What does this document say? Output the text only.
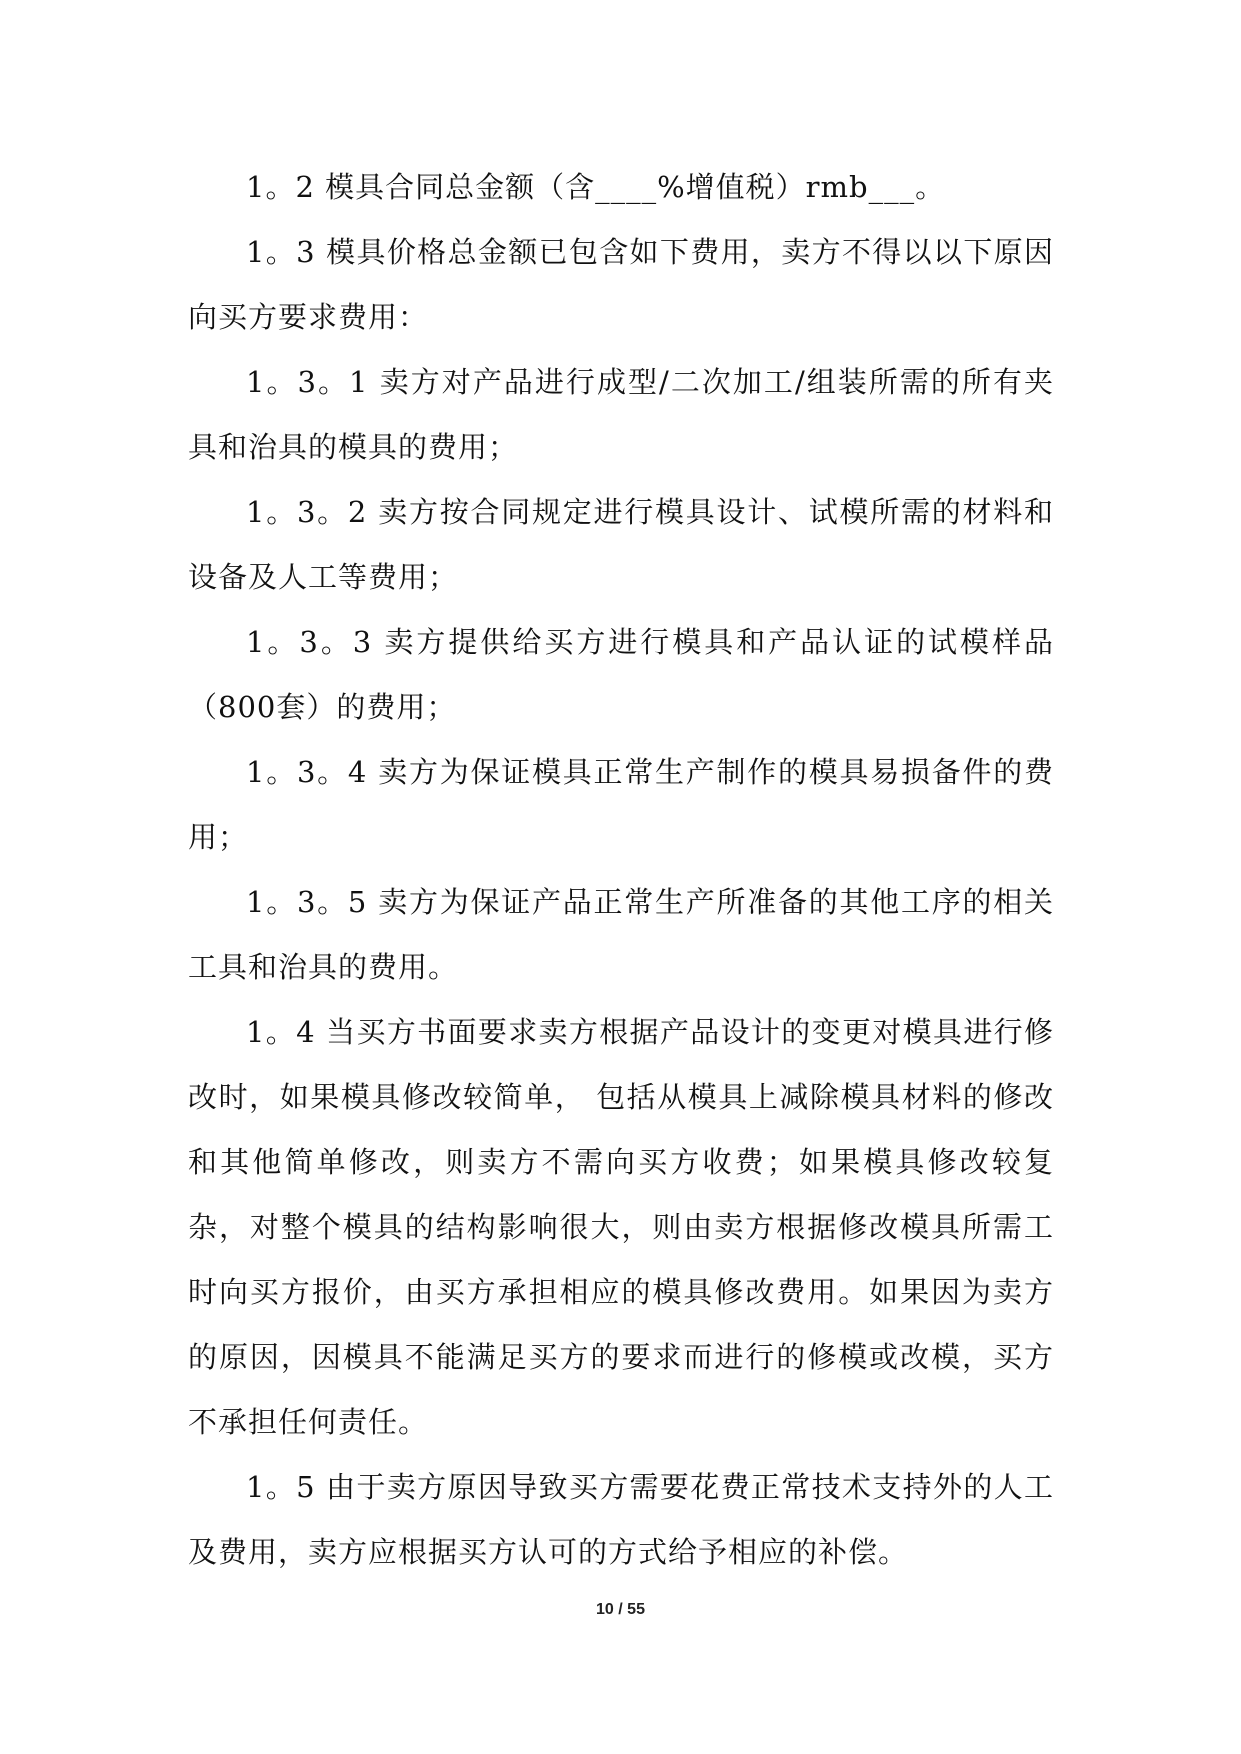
1。2 模具合同总金额（含____%增值税）rmb___。

1。3 模具价格总金额已包含如下费用，卖方不得以以下原因向买方要求费用：

1。3。1 卖方对产品进行成型/二次加工/组装所需的所有夹具和治具的模具的费用；

1。3。2 卖方按合同规定进行模具设计、试模所需的材料和设备及人工等费用；

1。3。3 卖方提供给买方进行模具和产品认证的试模样品（800套）的费用；

1。3。4 卖方为保证模具正常生产制作的模具易损备件的费用；

1。3。5 卖方为保证产品正常生产所准备的其他工序的相关工具和治具的费用。

1。4 当买方书面要求卖方根据产品设计的变更对模具进行修改时，如果模具修改较简单， 包括从模具上减除模具材料的修改和其他简单修改，则卖方不需向买方收费；如果模具修改较复杂，对整个模具的结构影响很大，则由卖方根据修改模具所需工时向买方报价，由买方承担相应的模具修改费用。如果因为卖方的原因，因模具不能满足买方的要求而进行的修模或改模，买方不承担任何责任。

1。5 由于卖方原因导致买方需要花费正常技术支持外的人工及费用，卖方应根据买方认可的方式给予相应的补偿。

10 / 55
